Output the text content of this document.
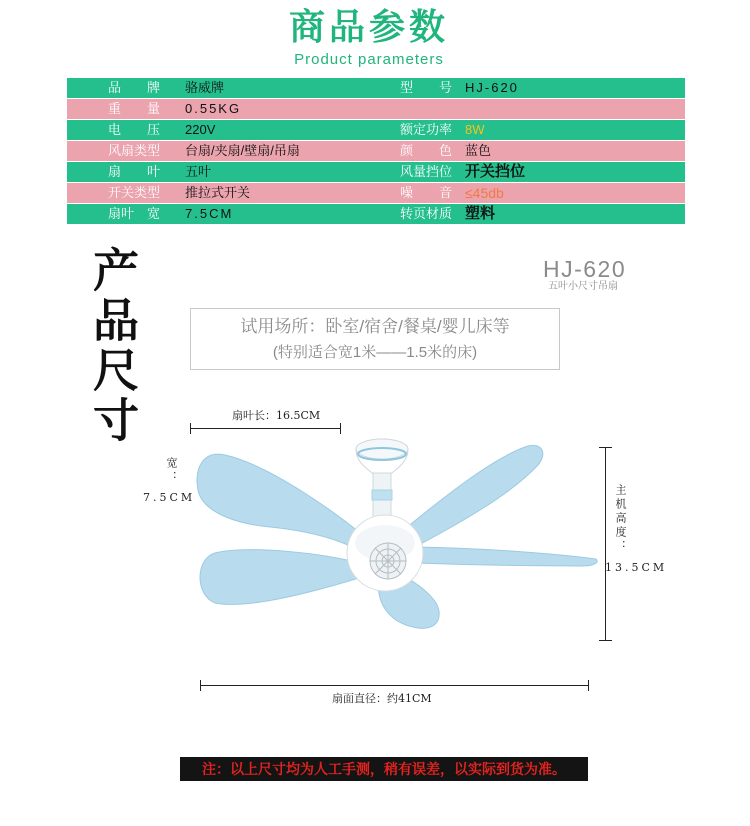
商品参数
Product parameters
品　　牌 骆威牌	型　　号 HJ-620
重　　量 0.55KG
电　　压 220V	额定功率 8W
风扇类型 台扇/夹扇/壁扇/吊扇	颜　　色 蓝色
扇　　叶 五叶	风量挡位 开关挡位
开关类型 推拉式开关	噪　　音 ≤45db
扇叶　宽 7.5CM	转页材质 塑料
产品尺寸	HJ-620
五叶小尺寸吊扇
试用场所：卧室/宿舍/餐桌/婴儿床等
(特别适合宽1米——1.5米的床)
扇叶长：16.5CM
宽：
7.5CM	主机高度：
13.5CM
扇面直径：约41CM
注：以上尺寸均为人工手测，稍有误差，以实际到货为准。
